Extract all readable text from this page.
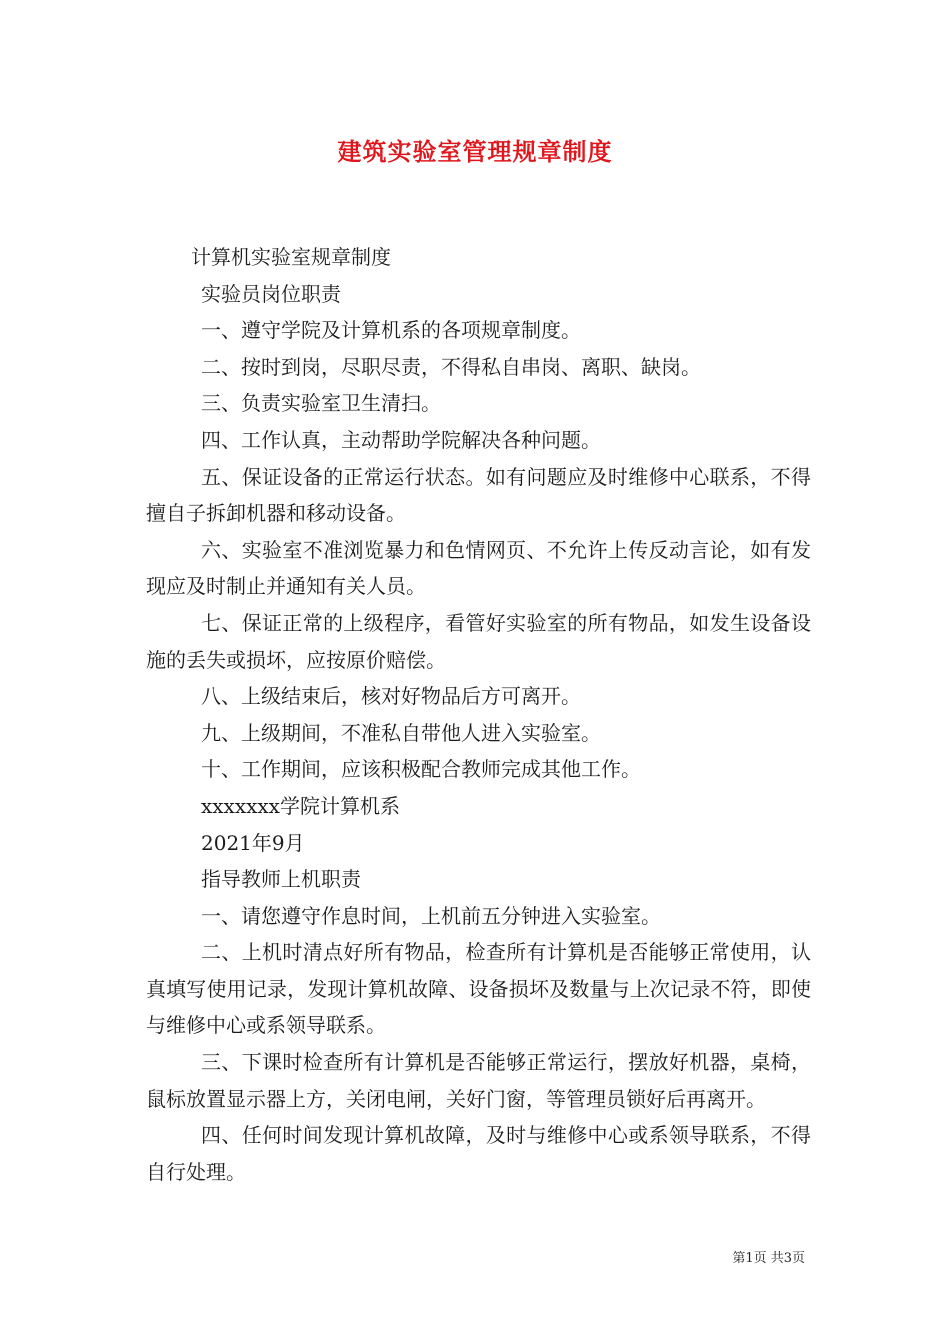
建筑实验室管理规章制度

计算机实验室规章制度

实验员岗位职责

一、遵守学院及计算机系的各项规章制度。

二、按时到岗，尽职尽责，不得私自串岗、离职、缺岗。

三、负责实验室卫生清扫。

四、工作认真，主动帮助学院解决各种问题。

五、保证设备的正常运行状态。如有问题应及时维修中心联系，不得擅自子拆卸机器和移动设备。

六、实验室不准浏览暴力和色情网页、不允许上传反动言论，如有发现应及时制止并通知有关人员。

七、保证正常的上级程序，看管好实验室的所有物品，如发生设备设施的丢失或损坏，应按原价赔偿。

八、上级结束后，核对好物品后方可离开。

九、上级期间，不准私自带他人进入实验室。

十、工作期间，应该积极配合教师完成其他工作。

xxxxxxx学院计算机系

2021年9月

指导教师上机职责

一、请您遵守作息时间，上机前五分钟进入实验室。

二、上机时清点好所有物品，检查所有计算机是否能够正常使用，认真填写使用记录，发现计算机故障、设备损坏及数量与上次记录不符，即使与维修中心或系领导联系。

三、下课时检查所有计算机是否能够正常运行，摆放好机器，桌椅，鼠标放置显示器上方，关闭电闸，关好门窗，等管理员锁好后再离开。

四、任何时间发现计算机故障，及时与维修中心或系领导联系，不得自行处理。

第1页 共3页
